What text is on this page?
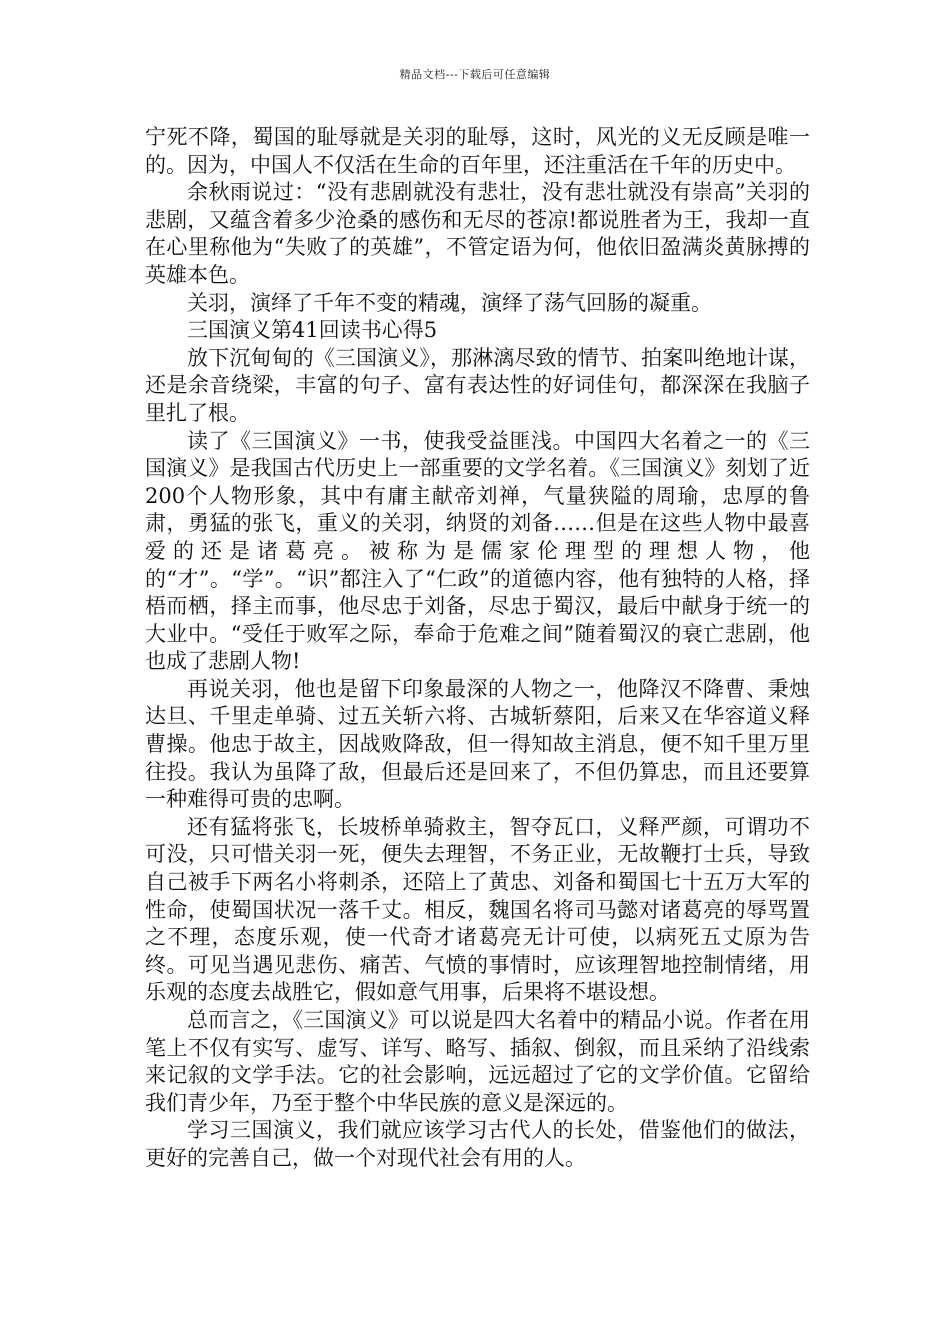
精品文档---下载后可任意编辑

宁死不降，蜀国的耻辱就是关羽的耻辱，这时，风光的义无反顾是唯一的。因为，中国人不仅活在生命的百年里，还注重活在千年的历史中。

余秋雨说过：“没有悲剧就没有悲壮，没有悲壮就没有崇高”关羽的悲剧，又蕴含着多少沧桑的感伤和无尽的苍凉!都说胜者为王，我却一直在心里称他为“失败了的英雄”，不管定语为何，他依旧盈满炎黄脉搏的英雄本色。

关羽，演绎了千年不变的精魂，演绎了荡气回肠的凝重。

三国演义第41回读书心得5

放下沉甸甸的《三国演义》，那淋漓尽致的情节、拍案叫绝地计谋，还是余音绕梁，丰富的句子、富有表达性的好词佳句，都深深在我脑子里扎了根。

读了《三国演义》一书，使我受益匪浅。中国四大名着之一的《三国演义》是我国古代历史上一部重要的文学名着。《三国演义》刻划了近200个人物形象，其中有庸主献帝刘禅，气量狭隘的周瑜，忠厚的鲁肃，勇猛的张飞，重义的关羽，纳贤的刘备……但是在这些人物中最喜爱的还是诸葛亮。被称为是儒家伦理型的理想人物，他的“才”。“学”。“识”都注入了“仁政”的道德内容，他有独特的人格，择梧而栖，择主而事，他尽忠于刘备，尽忠于蜀汉，最后中献身于统一的大业中。“受任于败军之际，奉命于危难之间”随着蜀汉的衰亡悲剧，他也成了悲剧人物!

再说关羽，他也是留下印象最深的人物之一，他降汉不降曹、秉烛达旦、千里走单骑、过五关斩六将、古城斩蔡阳，后来又在华容道义释曹操。他忠于故主，因战败降敌，但一得知故主消息，便不知千里万里往投。我认为虽降了敌，但最后还是回来了，不但仍算忠，而且还要算一种难得可贵的忠啊。

还有猛将张飞，长坡桥单骑救主，智夺瓦口，义释严颜，可谓功不可没，只可惜关羽一死，便失去理智，不务正业，无故鞭打士兵，导致自己被手下两名小将刺杀，还陪上了黄忠、刘备和蜀国七十五万大军的性命，使蜀国状况一落千丈。相反，魏国名将司马懿对诸葛亮的辱骂置之不理，态度乐观，使一代奇才诸葛亮无计可使，以病死五丈原为告终。可见当遇见悲伤、痛苦、气愤的事情时，应该理智地控制情绪，用乐观的态度去战胜它，假如意气用事，后果将不堪设想。

总而言之，《三国演义》可以说是四大名着中的精品小说。作者在用笔上不仅有实写、虚写、详写、略写、插叙、倒叙，而且采纳了沿线索来记叙的文学手法。它的社会影响，远远超过了它的文学价值。它留给我们青少年，乃至于整个中华民族的意义是深远的。

学习三国演义，我们就应该学习古代人的长处，借鉴他们的做法，更好的完善自己，做一个对现代社会有用的人。
